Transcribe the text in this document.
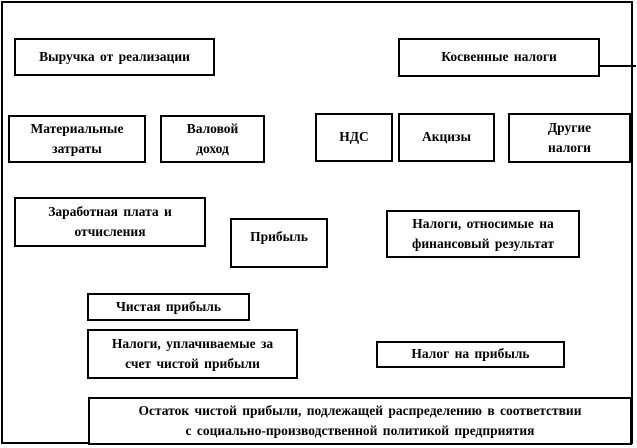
Выручка от реализации	Косвенные налоги
Материальные
затраты
Валовой
доход
НДС	Акцизы
Другие
налоги
Заработная плата и
отчисления	Прибыль
Налоги, относимые на
финансовый результат
Чистая прибыль
Налоги, уплачиваемые за
счет чистой прибыли
Налог на прибыль
Остаток чистой прибыли, подлежащей распределению в соответствии
с социально-производственной политикой предприятия
